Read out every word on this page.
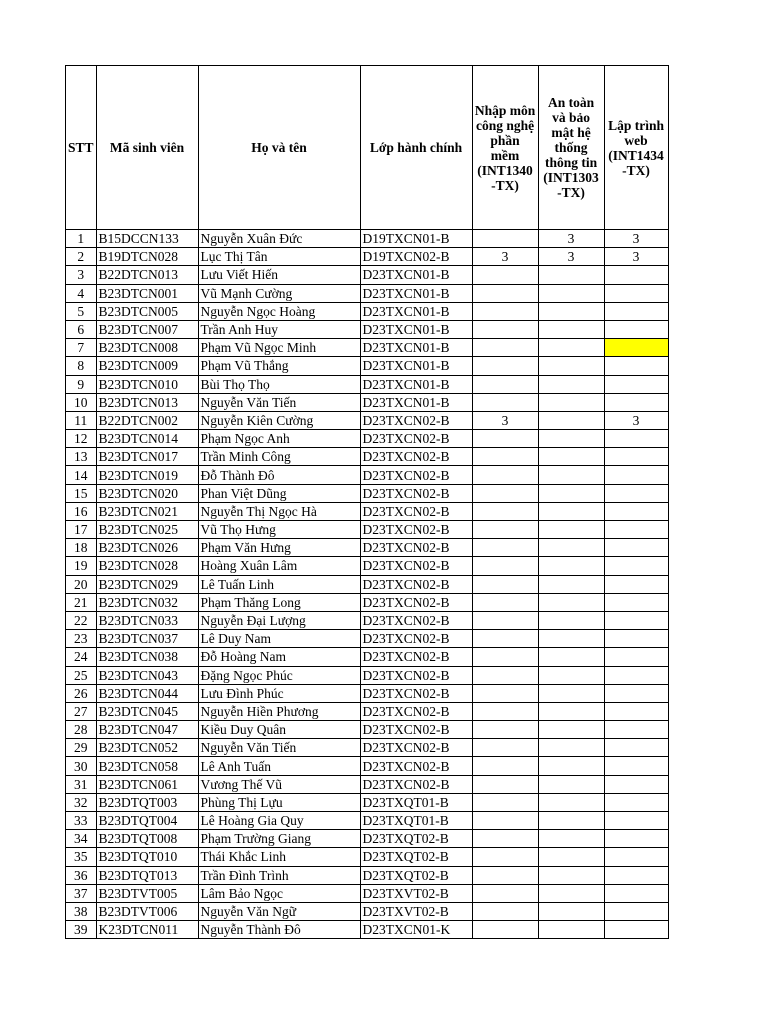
STT	Mã sinh viên	Họ và tên	Lớp hành chính	Nhập môn công nghệ phần mềm (INT1340 -TX)	An toàn và bảo mật hệ thống thông tin (INT1303 -TX)	Lập trình web (INT1434 -TX)
1	B15DCCN133	Nguyễn Xuân Đức	D19TXCN01-B		3	3
2	B19DTCN028	Lục Thị Tân	D19TXCN02-B	3	3	3
3	B22DTCN013	Lưu Viết Hiến	D23TXCN01-B			
4	B23DTCN001	Vũ Mạnh Cường	D23TXCN01-B			
5	B23DTCN005	Nguyễn Ngọc Hoàng	D23TXCN01-B			
6	B23DTCN007	Trần Anh Huy	D23TXCN01-B			
7	B23DTCN008	Phạm Vũ Ngọc Minh	D23TXCN01-B			
8	B23DTCN009	Phạm Vũ Thắng	D23TXCN01-B			
9	B23DTCN010	Bùi Thọ Thọ	D23TXCN01-B			
10	B23DTCN013	Nguyễn Văn Tiến	D23TXCN01-B			
11	B22DTCN002	Nguyễn Kiên Cường	D23TXCN02-B	3		3
12	B23DTCN014	Phạm Ngọc Anh	D23TXCN02-B			
13	B23DTCN017	Trần Minh Công	D23TXCN02-B			
14	B23DTCN019	Đỗ Thành Đô	D23TXCN02-B			
15	B23DTCN020	Phan Việt Dũng	D23TXCN02-B			
16	B23DTCN021	Nguyễn Thị Ngọc Hà	D23TXCN02-B			
17	B23DTCN025	Vũ Thọ Hưng	D23TXCN02-B			
18	B23DTCN026	Phạm Văn Hưng	D23TXCN02-B			
19	B23DTCN028	Hoàng Xuân Lâm	D23TXCN02-B			
20	B23DTCN029	Lê Tuấn Linh	D23TXCN02-B			
21	B23DTCN032	Phạm Thăng Long	D23TXCN02-B			
22	B23DTCN033	Nguyễn Đại Lượng	D23TXCN02-B			
23	B23DTCN037	Lê Duy Nam	D23TXCN02-B			
24	B23DTCN038	Đỗ Hoàng Nam	D23TXCN02-B			
25	B23DTCN043	Đặng Ngọc Phúc	D23TXCN02-B			
26	B23DTCN044	Lưu Đình Phúc	D23TXCN02-B			
27	B23DTCN045	Nguyễn Hiền Phương	D23TXCN02-B			
28	B23DTCN047	Kiều Duy Quân	D23TXCN02-B			
29	B23DTCN052	Nguyễn Văn Tiến	D23TXCN02-B			
30	B23DTCN058	Lê Anh Tuấn	D23TXCN02-B			
31	B23DTCN061	Vương Thế Vũ	D23TXCN02-B			
32	B23DTQT003	Phùng Thị Lựu	D23TXQT01-B			
33	B23DTQT004	Lê Hoàng Gia Quy	D23TXQT01-B			
34	B23DTQT008	Phạm Trường Giang	D23TXQT02-B			
35	B23DTQT010	Thái Khắc Linh	D23TXQT02-B			
36	B23DTQT013	Trần Đình Trình	D23TXQT02-B			
37	B23DTVT005	Lâm Bảo Ngọc	D23TXVT02-B			
38	B23DTVT006	Nguyễn Văn Ngữ	D23TXVT02-B			
39	K23DTCN011	Nguyễn Thành Đô	D23TXCN01-K			
